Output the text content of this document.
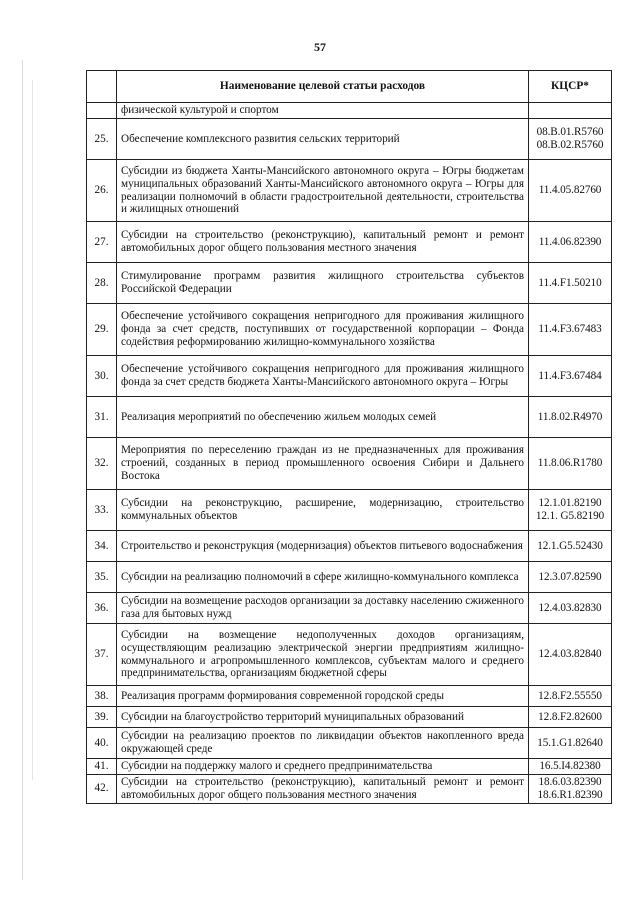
57
	Наименование целевой статьи расходов	КЦСР*
	физической культурой и спортом	

25.	Обеспечение комплексного развития сельских территорий	08.В.01.R5760
08.В.02.R5760

26.	Субсидии из бюджета Ханты-Мансийского автономного округа – Югры бюджетам муниципальных образований Ханты-Мансийского автономного округа – Югры для реализации полномочий в области градостроительной деятельности, строительства и жилищных отношений	11.4.05.82760

27.	Субсидии на строительство (реконструкцию), капитальный ремонт и ремонт автомобильных дорог общего пользования местного значения	11.4.06.82390

28.	Стимулирование программ развития жилищного строительства субъектов Российской Федерации	11.4.F1.50210

29.	Обеспечение устойчивого сокращения непригодного для проживания жилищного фонда за счет средств, поступивших от государственной корпорации – Фонда содействия реформированию жилищно-коммунального хозяйства	11.4.F3.67483

30.	Обеспечение устойчивого сокращения непригодного для проживания жилищного фонда за счет средств бюджета Ханты-Мансийского автономного округа – Югры	11.4.F3.67484

31.	Реализация мероприятий по обеспечению жильем молодых семей	11.8.02.R4970

32.	Мероприятия по переселению граждан из не предназначенных для проживания строений, созданных в период промышленного освоения Сибири и Дальнего Востока	11.8.06.R1780

33.	Субсидии на реконструкцию, расширение, модернизацию, строительство коммунальных объектов	12.1.01.82190
12.1. G5.82190

34.	Строительство и реконструкция (модернизация) объектов питьевого водоснабжения	12.1.G5.52430

35.	Субсидии на реализацию полномочий в сфере жилищно-коммунального комплекса	12.3.07.82590

36.	Субсидии на возмещение расходов организации за доставку населению сжиженного газа для бытовых нужд	12.4.03.82830

37.	Субсидии на возмещение недополученных доходов организациям, осуществляющим реализацию электрической энергии предприятиям жилищно-коммунального и агропромышленного комплексов, субъектам малого и среднего предпринимательства, организациям бюджетной сферы	12.4.03.82840

38.	Реализация программ формирования современной городской среды	12.8.F2.55550

39.	Субсидии на благоустройство территорий муниципальных образований	12.8.F2.82600

40.	Субсидии на реализацию проектов по ликвидации объектов накопленного вреда окружающей среде	15.1.G1.82640

41.	Субсидии на поддержку малого и среднего предпринимательства	16.5.I4.82380

42.	Субсидии на строительство (реконструкцию), капитальный ремонт и ремонт автомобильных дорог общего пользования местного значения	18.6.03.82390
18.6.R1.82390
